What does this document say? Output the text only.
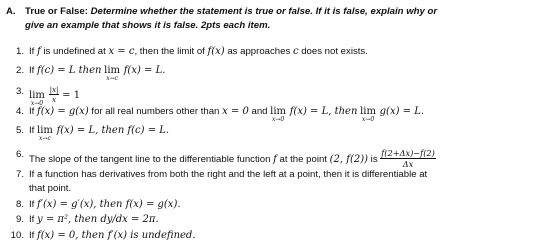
A. True or False: Determine whether the statement is true or false. If it is false, explain why or
give an example that shows it is false. 2pts each item.
1. If f is undefined at x = c, then the limit of f(x) as approaches c does not exists.
2. If f(c) = L then lim
x→c
f(x) = L.
3. lim
x→0

$\frac{|x|}{x} = 1$
4. If f(x) = g(x) for all real numbers other than x = 0 and lim
x→0
f(x) = L, then lim
x→0
g(x) = L.
5. If lim
x→c
f(x) = L, then f(c) = L.
6. The slope of the tangent line to the differentiable function f at the point (2, f(2)) is $\frac{f(2+\Delta x)-f(2)}{\Delta x}$
7. If a function has derivatives from both the right and the left at a point, then it is differentiable at
that point.
8. If f′(x) = g′(x), then f(x) = g(x).
9. If y = π², then dy/dx = 2π.
10. If f(x) = 0, then f′(x) is undefined.
